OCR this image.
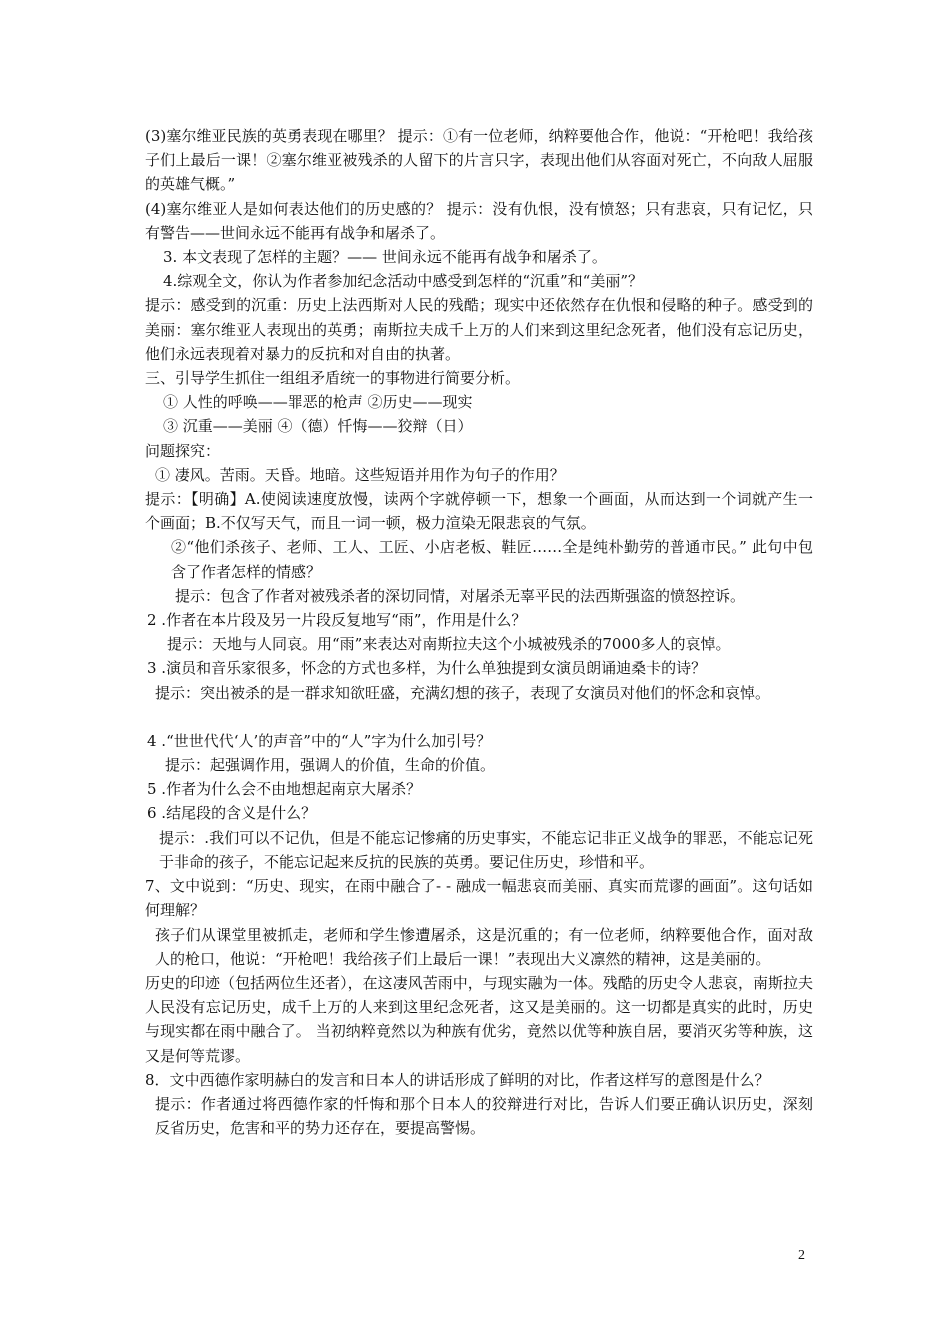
(3)塞尔维亚民族的英勇表现在哪里？ 提示：①有一位老师，纳粹要他合作，他说：“开枪吧！我给孩子们上最后一课！②塞尔维亚被残杀的人留下的片言只字，表现出他们从容面对死亡，不向敌人屈服的英雄气概。”

(4)塞尔维亚人是如何表达他们的历史感的？ 提示：没有仇恨，没有愤怒；只有悲哀，只有记忆，只有警告——世间永远不能再有战争和屠杀了。

3. 本文表现了怎样的主题？—— 世间永远不能再有战争和屠杀了。

4.综观全文，你认为作者参加纪念活动中感受到怎样的“沉重”和“美丽”？

提示：感受到的沉重：历史上法西斯对人民的残酷；现实中还依然存在仇恨和侵略的种子。感受到的美丽：塞尔维亚人表现出的英勇；南斯拉夫成千上万的人们来到这里纪念死者，他们没有忘记历史，他们永远表现着对暴力的反抗和对自由的执著。

三、引导学生抓住一组组矛盾统一的事物进行简要分析。

① 人性的呼唤——罪恶的枪声 ②历史——现实

③ 沉重——美丽 ④（德）忏悔——狡辩（日）

问题探究：

① 凄风。苦雨。天昏。地暗。这些短语并用作为句子的作用？

提示：【明确】A.使阅读速度放慢，读两个字就停顿一下，想象一个画面，从而达到一个词就产生一个画面；B.不仅写天气，而且一词一顿，极力渲染无限悲哀的气氛。

②“他们杀孩子、老师、工人、工匠、小店老板、鞋匠……全是纯朴勤劳的普通市民。” 此句中包含了作者怎样的情感？

提示：包含了作者对被残杀者的深切同情，对屠杀无辜平民的法西斯强盗的愤怒控诉。

2 .作者在本片段及另一片段反复地写“雨”，作用是什么？

提示：天地与人同哀。用“雨”来表达对南斯拉夫这个小城被残杀的7000多人的哀悼。

3 .演员和音乐家很多，怀念的方式也多样，为什么单独提到女演员朗诵迪桑卡的诗？

提示：突出被杀的是一群求知欲旺盛，充满幻想的孩子，表现了女演员对他们的怀念和哀悼。

4 .“世世代代‘人’的声音”中的“人”字为什么加引号？

提示：起强调作用，强调人的价值，生命的价值。

5 .作者为什么会不由地想起南京大屠杀？

6 .结尾段的含义是什么？

提示：.我们可以不记仇，但是不能忘记惨痛的历史事实，不能忘记非正义战争的罪恶，不能忘记死于非命的孩子，不能忘记起来反抗的民族的英勇。要记住历史，珍惜和平。

7、文中说到：“历史、现实，在雨中融合了- - 融成一幅悲哀而美丽、真实而荒谬的画面”。这句话如何理解？

孩子们从课堂里被抓走，老师和学生惨遭屠杀，这是沉重的；有一位老师，纳粹要他合作，面对敌人的枪口，他说：“开枪吧！我给孩子们上最后一课！”表现出大义凛然的精神，这是美丽的。

历史的印迹（包括两位生还者），在这凄风苦雨中，与现实融为一体。残酷的历史令人悲哀，南斯拉夫人民没有忘记历史，成千上万的人来到这里纪念死者，这又是美丽的。这一切都是真实的此时，历史与现实都在雨中融合了。 当初纳粹竟然以为种族有优劣，竟然以优等种族自居，要消灭劣等种族，这又是何等荒谬。

8．文中西德作家明赫白的发言和日本人的讲话形成了鲜明的对比，作者这样写的意图是什么？

提示：作者通过将西德作家的忏悔和那个日本人的狡辩进行对比，告诉人们要正确认识历史，深刻反省历史，危害和平的势力还存在，要提高警惕。

2
